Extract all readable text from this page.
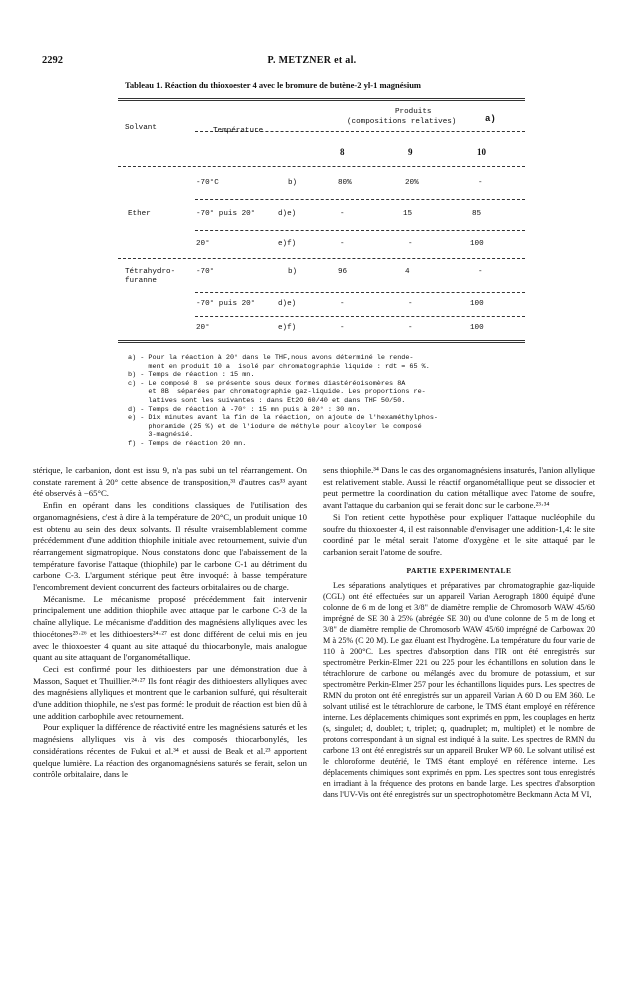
2292	P. METZNER et al.
Tableau 1. Réaction du thioxoester 4 avec le bromure de butène-2 yl-1 magnésium
Solvant	Température
Produits
(compositions relatives)	a)
8	9	10
-70°C	b)	80%	20%	-
Ether	-70° puis 20°	d)e)	-	15	85
20°	e)f)	-	-	100
Tétrahydro-
furanne
-70°	b)	96	4	-
-70° puis 20°	d)e)	-	-	100
20°	e)f)	-	-	100
a) - Pour la réaction à 20° dans le THF,nous avons déterminé le rende-
ment en produit 10 a  isolé par chromatographie liquide : rdt = 65 %.
b) - Temps de réaction : 15 mn.
c) - Le composé 8  se présente sous deux formes diastéréoisomères 8A
et 8B  séparées par chromatographie gaz-liquide. Les proportions re-
latives sont les suivantes : dans Et2O 60/40 et dans THF 50/50.
d) - Temps de réaction à -70° : 15 mn puis à 20° : 30 mn.
e) - Dix minutes avant la fin de la réaction, on ajoute de l'hexaméthylphos-
phoramide (25 %) et de l'iodure de méthyle pour alcoyler le composé
3-magnésié.
f) - Temps de réaction 20 mn.

stérique, le carbanion, dont est issu 9, n'a pas subi un tel réarrangement. On constate rarement à 20° cette absence de transposition,³¹ d'autres cas³³ ayant été observés à −65°C.

Enfin en opérant dans les conditions classiques de l'utilisation des organomagnésiens, c'est à dire à la température de 20°C, un produit unique 10 est obtenu au sein des deux solvants. Il résulte vraisemblablement comme précédemment d'une addition thiophile initiale avec retournement, suivie d'un réarrangement sigmatropique. Nous constatons donc que l'abaissement de la température favorise l'attaque (thiophile) par le carbone C-1 au détriment du carbone C-3. L'argument stérique peut être invoqué: à basse température l'encombrement devient concurrent des facteurs orbitalaires ou de charge.

Mécanisme. Le mécanisme proposé précédemment fait intervenir principalement une addition thiophile avec attaque par le carbone C-3 de la chaîne allylique. Le mécanisme d'addition des magnésiens allyliques avec les thiocétones²⁵·²⁶ et les dithioesters²⁴·²⁷ est donc différent de celui mis en jeu avec le thioxoester 4 quant au site attaqué du thiocarbonyle, mais analogue quant au site attaquant de l'organométallique.

Ceci est confirmé pour les dithioesters par une démonstration due à Masson, Saquet et Thuillier.²⁴·²⁷ Ils font réagir des dithioesters allyliques avec des magnésiens allyliques et montrent que le carbanion sulfuré, qui résulterait d'une addition thiophile, ne s'est pas formé: le produit de réaction est bien dû à une addition carbophile avec retournement.

Pour expliquer la différence de réactivité entre les magnésiens saturés et les magnésiens allyliques vis à vis des composés thiocarbonylés, les considérations récentes de Fukui et al.³⁴ et aussi de Beak et al.²³ apportent quelque lumière. La réaction des organomagnésiens saturés se ferait, selon un contrôle orbitalaire, dans le

sens thiophile.³⁴ Dans le cas des organomagnésiens insaturés, l'anion allylique est relativement stable. Aussi le réactif organométallique peut se dissocier et peut permettre la coordination du cation métallique avec l'atome de soufre, avant l'attaque du carbanion qui se ferait donc sur le carbone.²³·³⁴

Si l'on retient cette hypothèse pour expliquer l'attaque nucléophile du soufre du thioxoester 4, il est raisonnable d'envisager une addition-1,4: le site coordiné par le métal serait l'atome d'oxygène et le site attaqué par le carbanion serait l'atome de soufre.

PARTIE EXPERIMENTALE

Les séparations analytiques et préparatives par chromatographie gaz-liquide (CGL) ont été effectuées sur un appareil Varian Aerograph 1800 équipé d'une colonne de 6 m de long et 3/8" de diamètre remplie de Chromosorb WAW 45/60 imprégné de SE 30 à 25% (abrégée SE 30) ou d'une colonne de 5 m de long et 3/8" de diamètre remplie de Chromosorb WAW 45/60 imprégné de Carbowax 20 M à 25% (C 20 M). Le gaz éluant est l'hydrogène. La température du four varie de 110 à 200°C. Les spectres d'absorption dans l'IR ont été enregistrés sur spectromètre Perkin-Elmer 221 ou 225 pour les échantillons en solution dans le tétrachlorure de carbone ou mélangés avec du bromure de potassium, et sur spectromètre Perkin-Elmer 257 pour les échantillons liquides purs. Les spectres de RMN du proton ont été enregistrés sur un appareil Varian A 60 D ou EM 360. Le solvant utilisé est le tétrachlorure de carbone, le TMS étant employé en référence interne. Les déplacements chimiques sont exprimés en ppm, les couplages en hertz (s, singulet; d, doublet; t, triplet; q, quadruplet; m, multiplet) et le nombre de protons correspondant à un signal est indiqué à la suite. Les spectres de RMN du carbone 13 ont été enregistrés sur un appareil Bruker WP 60. Le solvant utilisé est le chloroforme deutérié, le TMS étant employé en référence interne. Les déplacements chimiques sont exprimés en ppm. Les spectres sont tous enregistrés en irradiant à la fréquence des protons en bande large. Les spectres d'absorption dans l'UV-Vis ont été enregistrés sur un spectrophotomètre Beckmann Acta M VI,
